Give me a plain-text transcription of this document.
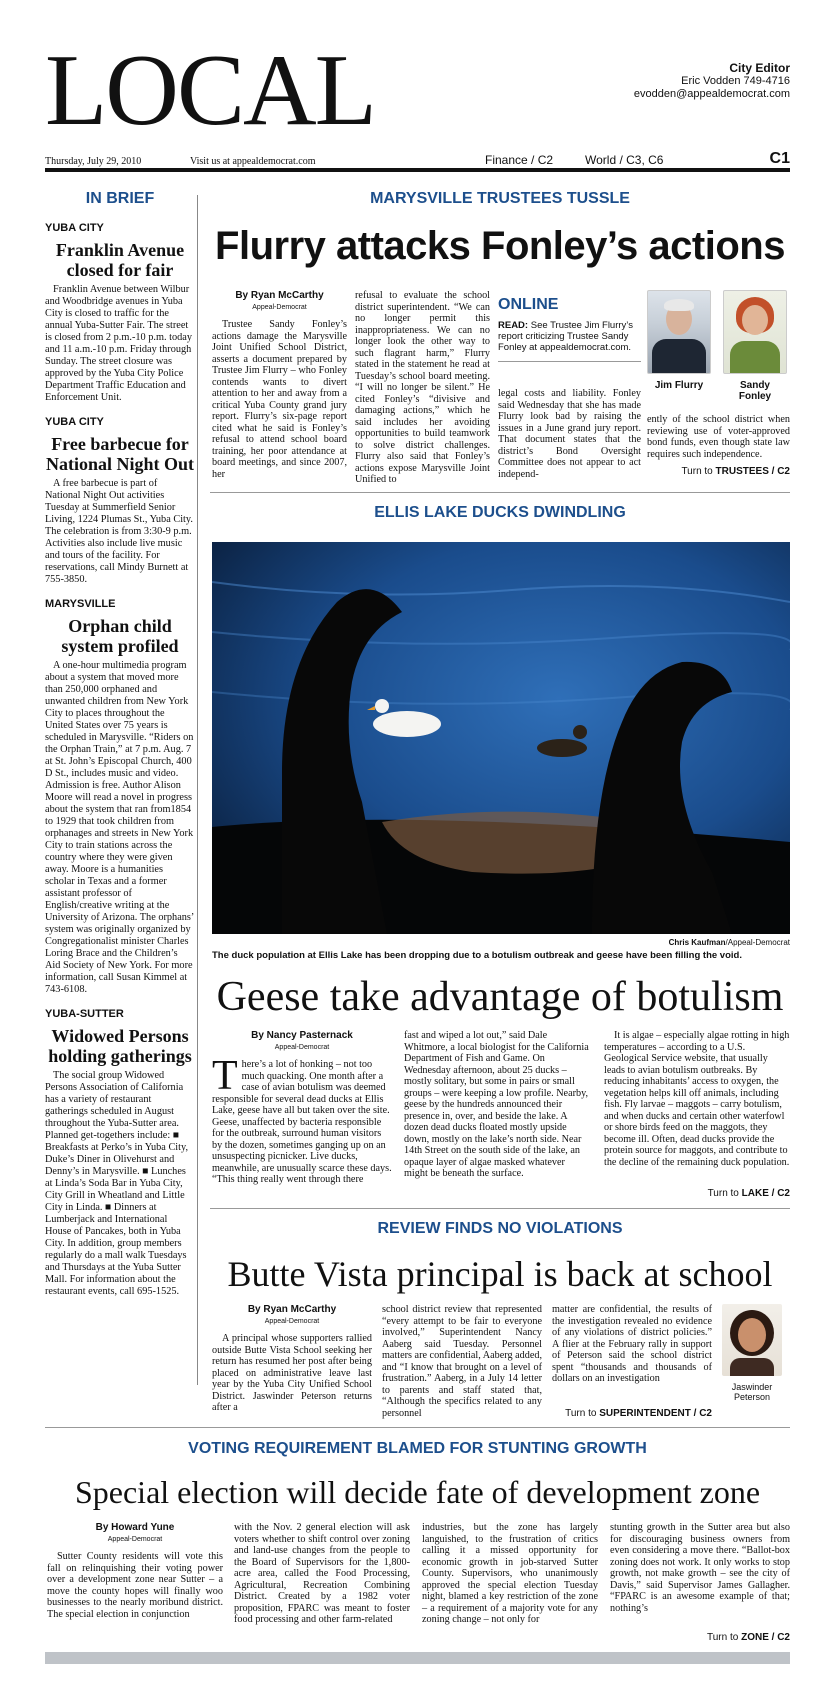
LOCAL	City Editor
Eric Vodden 749-4716
evodden@appealdemocrat.com
Thursday, July 29, 2010	Visit us at appealdemocrat.com	Finance / C2	World / C3, C6	C1
IN BRIEF
YUBA CITY
Franklin Avenue closed for fair
Franklin Avenue between Wilbur and Woodbridge avenues in Yuba City is closed to traffic for the annual Yuba-Sutter Fair. The street is closed from 2 p.m.-10 p.m. today and 11 a.m.-10 p.m. Friday through Sunday. The street closure was approved by the Yuba City Police Department Traffic Education and Enforcement Unit.
YUBA CITY
Free barbecue for National Night Out
A free barbecue is part of National Night Out activities Tuesday at Summerfield Senior Living, 1224 Plumas St., Yuba City. The celebration is from 3:30-9 p.m. Activities also include live music and tours of the facility. For reservations, call Mindy Burnett at 755-3850.
MARYSVILLE
Orphan child system profiled
A one-hour multimedia program about a system that moved more than 250,000 orphaned and unwanted children from New York City to places throughout the United States over 75 years is scheduled in Marysville. “Riders on the Orphan Train,” at 7 p.m. Aug. 7 at St. John’s Episcopal Church, 400 D St., includes music and video. Admission is free. Author Alison Moore will read a novel in progress about the system that ran from1854 to 1929 that took children from orphanages and streets in New York City to train stations across the country where they were given away. Moore is a humanities scholar in Texas and a former assistant professor of English/creative writing at the University of Arizona. The orphans’ system was originally organized by Congregationalist minister Charles Loring Brace and the Children’s Aid Society of New York. For more information, call Susan Kimmel at 743-6108.
YUBA-SUTTER
Widowed Persons holding gatherings
The social group Widowed Persons Association of California has a variety of restaurant gatherings scheduled in August throughout the Yuba-Sutter area. Planned get-togethers include: ■ Breakfasts at Perko’s in Yuba City, Duke’s Diner in Olivehurst and Denny’s in Marysville. ■ Lunches at Linda’s Soda Bar in Yuba City, City Grill in Wheatland and Little City in Linda. ■ Dinners at Lumberjack and International House of Pancakes, both in Yuba City. In addition, group members regularly do a mall walk Tuesdays and Thursdays at the Yuba Sutter Mall. For information about the restaurant events, call 695-1525.
MARYSVILLE TRUSTEES TUSSLE
Flurry attacks Fonley’s actions
By Ryan McCarthy
Appeal-Democrat

Trustee Sandy Fonley’s actions damage the Marysville Joint Unified School District, asserts a document prepared by Trustee Jim Flurry – who Fonley contends wants to divert attention to her and away from a critical Yuba County grand jury report. Flurry’s six-page report cited what he said is Fonley’s refusal to attend school board training, her poor attendance at board meetings, and since 2007, her

refusal to evaluate the school district superintendent. “We can no longer permit this inappropriateness. We can no longer look the other way to such flagrant harm,” Flurry stated in the statement he read at Tuesday’s school board meeting. “I will no longer be silent.” He cited Fonley’s “divisive and damaging actions,” which he said includes her avoiding opportunities to build teamwork to solve district challenges. Flurry also said that Fonley’s actions expose Marysville Joint Unified to

ONLINE
READ: See Trustee Jim Flurry’s report criticizing Trustee Sandy Fonley at appealdemocrat.com.

legal costs and liability. Fonley said Wednesday that she has made Flurry look bad by raising the issues in a June grand jury report. That document states that the district’s Bond Oversight Committee does not appear to act independ-

Jim Flurry	Sandy Fonley

ently of the school district when reviewing use of voter-approved bond funds, even though state law requires such independence.

Turn to TRUSTEES / C2
ELLIS LAKE DUCKS DWINDLING
Chris Kaufman/Appeal-Democrat
The duck population at Ellis Lake has been dropping due to a botulism outbreak and geese have been filling the void.
Geese take advantage of botulism
By Nancy Pasternack
Appeal-Democrat

There’s a lot of honking – not too much quacking. One month after a case of avian botulism was deemed responsible for several dead ducks at Ellis Lake, geese have all but taken over the site. Geese, unaffected by bacteria responsible for the outbreak, surround human visitors by the dozen, sometimes ganging up on an unsuspecting picnicker. Live ducks, meanwhile, are unusually scarce these days. “This thing really went through there

fast and wiped a lot out,” said Dale Whitmore, a local biologist for the California Department of Fish and Game. On Wednesday afternoon, about 25 ducks – mostly solitary, but some in pairs or small groups – were keeping a low profile. Nearby, geese by the hundreds announced their presence in, over, and beside the lake. A dozen dead ducks floated mostly upside down, mostly on the lake’s north side. Near 14th Street on the south side of the lake, an opaque layer of algae masked whatever might be beneath the surface.

It is algae – especially algae rotting in high temperatures – according to a U.S. Geological Service website, that usually leads to avian botulism outbreaks. By reducing inhabitants’ access to oxygen, the vegetation helps kill off animals, including fish. Fly larvae – maggots – carry botulism, and when ducks and certain other waterfowl or shore birds feed on the maggots, they become ill. Often, dead ducks provide the protein source for maggots, and contribute to the decline of the remaining duck population.

Turn to LAKE / C2
REVIEW FINDS NO VIOLATIONS
Butte Vista principal is back at school
By Ryan McCarthy
Appeal-Democrat

A principal whose supporters rallied outside Butte Vista School seeking her return has resumed her post after being placed on administrative leave last year by the Yuba City Unified School District. Jaswinder Peterson returns after a

school district review that represented “every attempt to be fair to everyone involved,” Superintendent Nancy Aaberg said Tuesday. Personnel matters are confidential, Aaberg added, and “I know that brought on a level of frustration.” Aaberg, in a July 14 letter to parents and staff stated that, “Although the specifics related to any personnel

matter are confidential, the results of the investigation revealed no evidence of any violations of district policies.” A flier at the February rally in support of Peterson said the school district spent “thousands and thousands of dollars on an investigation

Jaswinder
Peterson
Turn to SUPERINTENDENT / C2
VOTING REQUIREMENT BLAMED FOR STUNTING GROWTH
Special election will decide fate of development zone
By Howard Yune
Appeal-Democrat

Sutter County residents will vote this fall on relinquishing their voting power over a development zone near Sutter – a move the county hopes will finally woo businesses to the nearly moribund district. The special election in conjunction

with the Nov. 2 general election will ask voters whether to shift control over zoning and land-use changes from the people to the Board of Supervisors for the 1,800-acre area, called the Food Processing, Agricultural, Recreation Combining District. Created by a 1982 voter proposition, FPARC was meant to foster food processing and other farm-related

industries, but the zone has largely languished, to the frustration of critics calling it a missed opportunity for economic growth in job-starved Sutter County. Supervisors, who unanimously approved the special election Tuesday night, blamed a key restriction of the zone – a requirement of a majority vote for any zoning change – not only for

stunting growth in the Sutter area but also for discouraging business owners from even considering a move there. “Ballot-box zoning does not work. It only works to stop growth, not make growth – see the city of Davis,” said Supervisor James Gallagher. “FPARC is an awesome example of that; nothing’s

Turn to ZONE / C2
